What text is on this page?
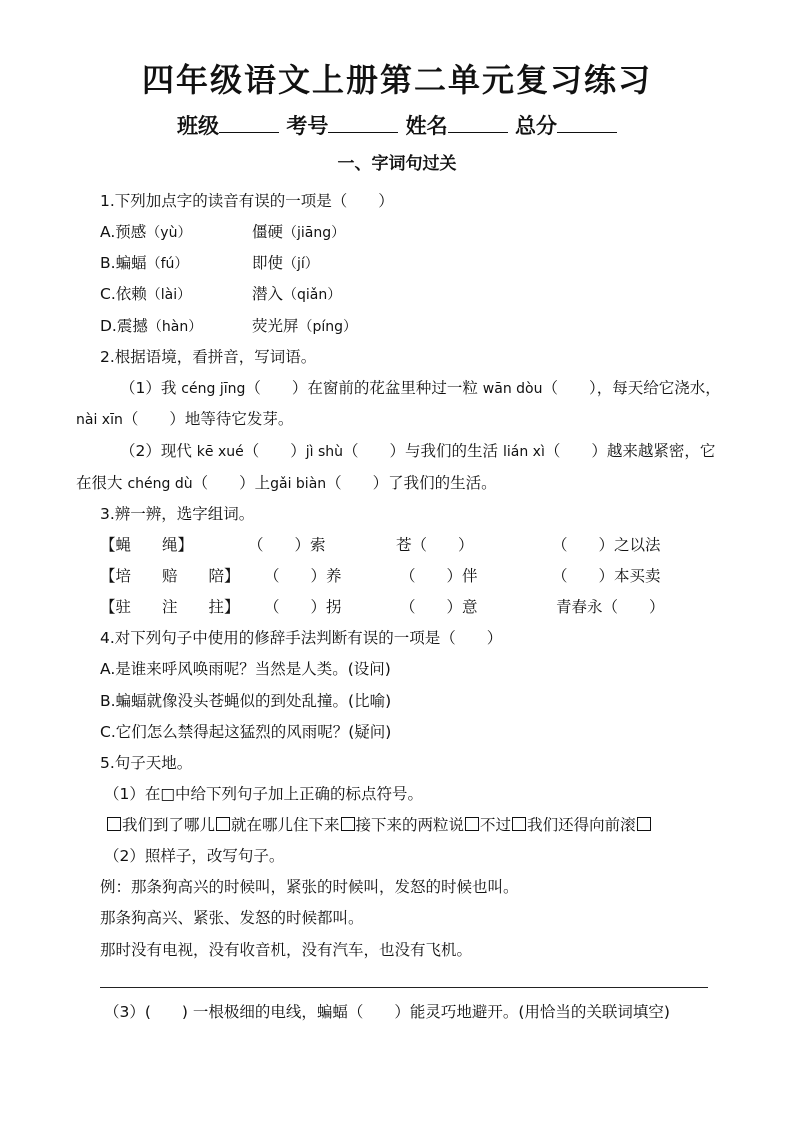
四年级语文上册第二单元复习练习
班级	考号	姓名	总分
一、字词句过关
1.下列加点字的读音有误的一项是（　　）
A.预感（yù）	僵硬（jiāng）
B.蝙蝠（fú）	即使（jí）
C.依赖（lài）	潜入（qiǎn）
D.震撼（hàn）	荧光屏（píng）
2.根据语境，看拼音，写词语。
（1）我 céng jīng（　　）在窗前的花盆里种过一粒 wān dòu（　　），每天给它浇水，
nài xīn（　　）地等待它发芽。
（2）现代 kē xué（　　）jì shù（　　）与我们的生活 lián xì（　　）越来越紧密，它
在很大 chéng dù（　　）上gǎi biàn（　　）了我们的生活。
3.辨一辨，选字组词。
【蝇　　绳】	（　　）索	苍（　　）	（　　）之以法
【培　　赔　　陪】 （　　）养	（　　）伴	（　　）本买卖
【驻　　注　　拄】 （　　）拐	（　　）意	青春永（　　）
4.对下列句子中使用的修辞手法判断有误的一项是（　　）
A.是谁来呼风唤雨呢？当然是人类。(设问)
B.蝙蝠就像没头苍蝇似的到处乱撞。(比喻)
C.它们怎么禁得起这猛烈的风雨呢？(疑问)
5.句子天地。
（1）在□中给下列句子加上正确的标点符号。
我们到了哪儿 就在哪儿住下来 接下来的两粒说 不过 我们还得向前滚
（2）照样子，改写句子。
例：那条狗高兴的时候叫，紧张的时候叫，发怒的时候也叫。
那条狗高兴、紧张、发怒的时候都叫。
那时没有电视，没有收音机，没有汽车，也没有飞机。
（3）(　　) 一根极细的电线，蝙蝠（　　）能灵巧地避开。(用恰当的关联词填空)
